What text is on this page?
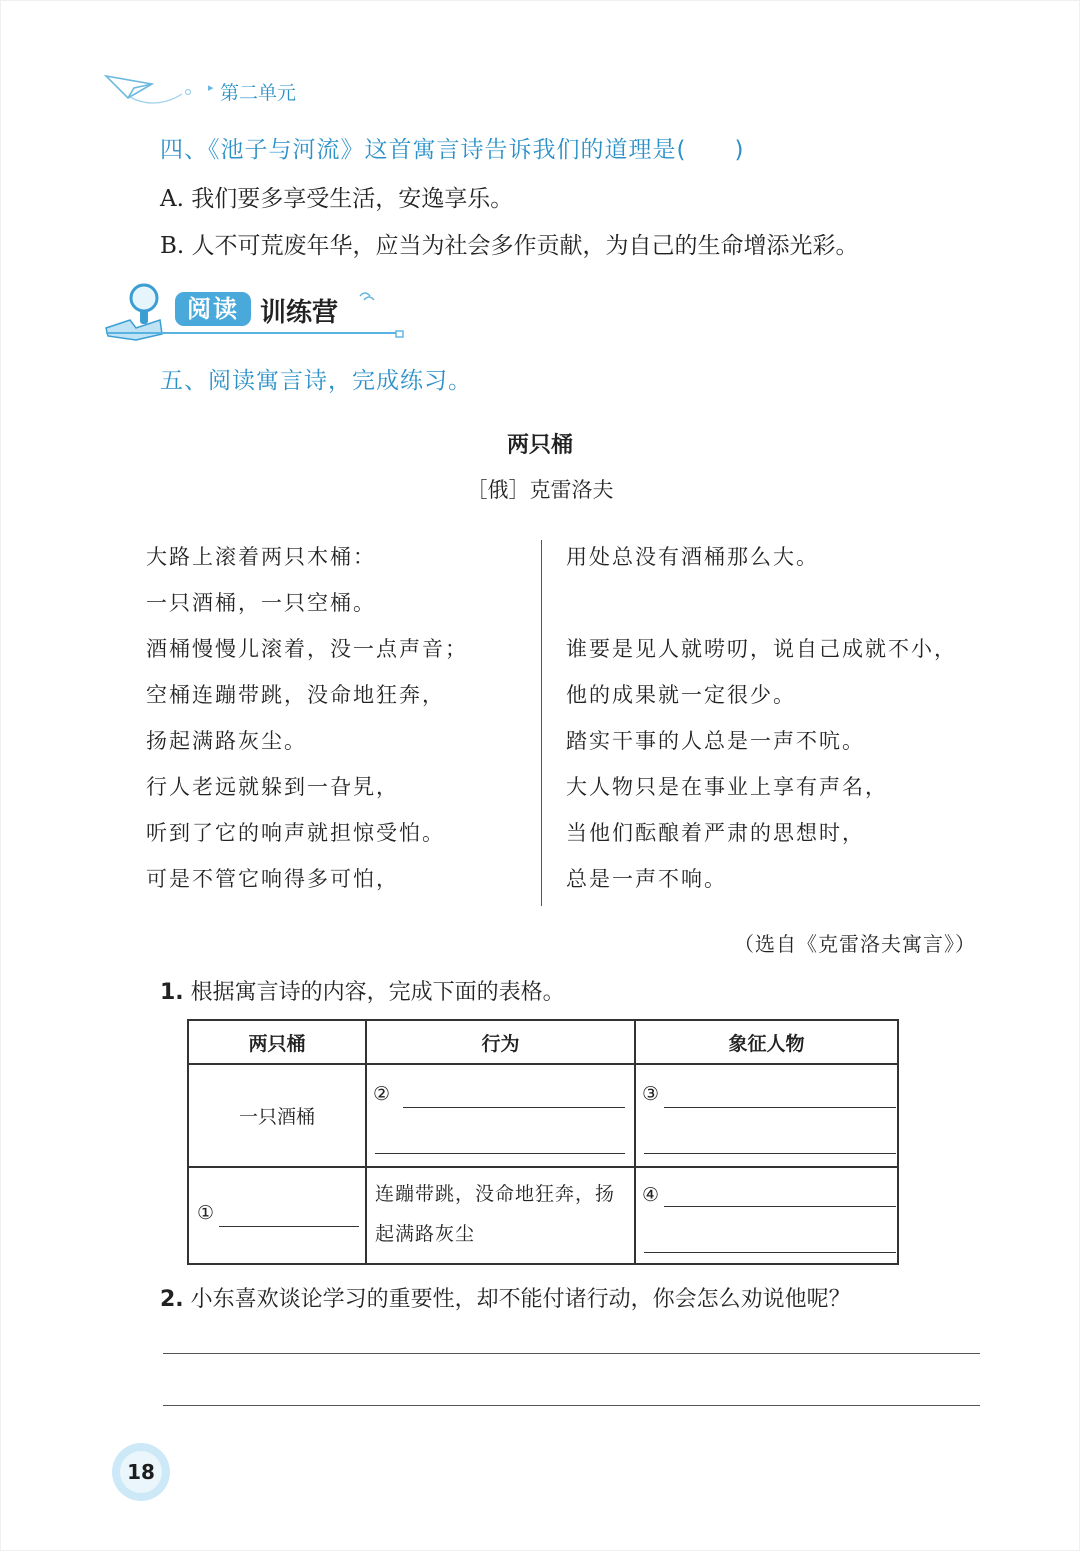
▸ 第二单元
四、《池子与河流》这首寓言诗告诉我们的道理是(　　)
A. 我们要多享受生活，安逸享乐。
B. 人不可荒废年华，应当为社会多作贡献，为自己的生命增添光彩。
阅读 训练营
五、阅读寓言诗，完成练习。
两只桶
［俄］克雷洛夫
大路上滚着两只木桶：
一只酒桶，一只空桶。
酒桶慢慢儿滚着，没一点声音；
空桶连蹦带跳，没命地狂奔，
扬起满路灰尘。
行人老远就躲到一旮旯，
听到了它的响声就担惊受怕。
可是不管它响得多可怕，
用处总没有酒桶那么大。
谁要是见人就唠叨，说自己成就不小，
他的成果就一定很少。
踏实干事的人总是一声不吭。
大人物只是在事业上享有声名，
当他们酝酿着严肃的思想时，
总是一声不响。
（选自《克雷洛夫寓言》）
1. 根据寓言诗的内容，完成下面的表格。
两只桶	行为	象征人物
一只酒桶	②	③

①	连蹦带跳，没命地狂奔，扬起满路灰尘	④
2. 小东喜欢谈论学习的重要性，却不能付诸行动，你会怎么劝说他呢？
18
